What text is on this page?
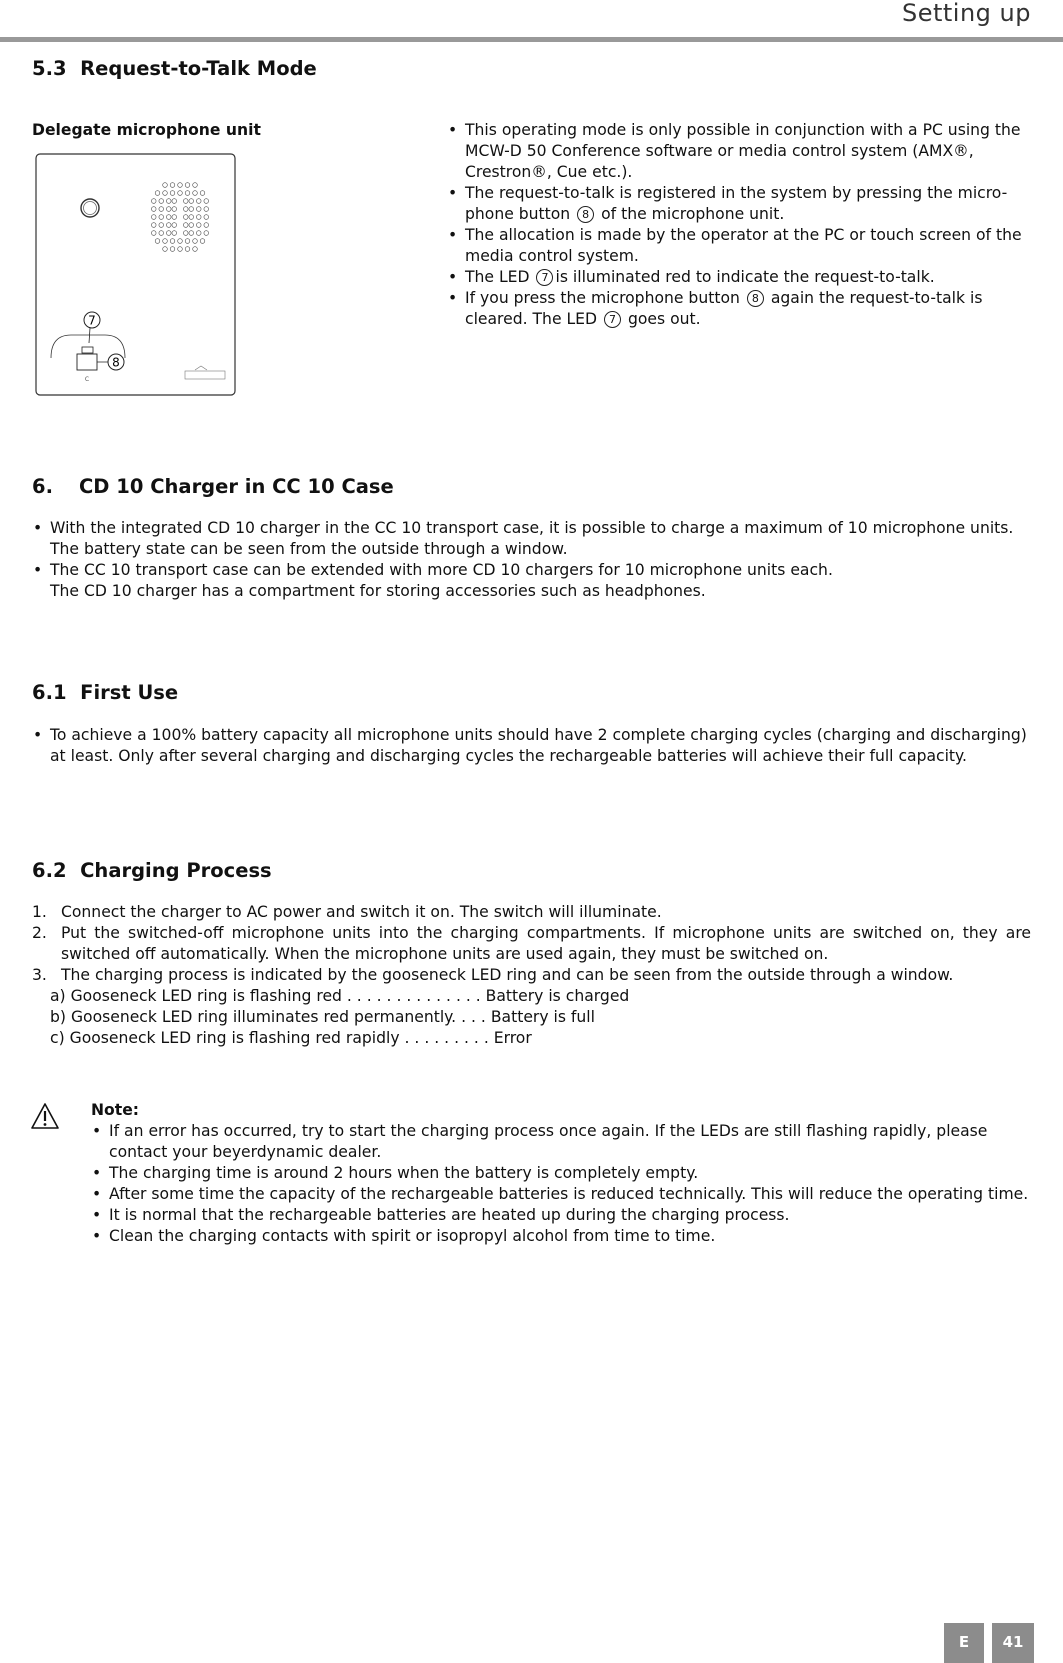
Setting up
5.3 Request-to-Talk Mode
Delegate microphone unit
7
8
C
• This operating mode is only possible in conjunction with a PC using the MCW-D 50 Conference software or media control system (AMX®, Crestron®, Cue etc.).
• The request-to-talk is registered in the system by pressing the micro-phone button 8 of the microphone unit.
• The allocation is made by the operator at the PC or touch screen of the media control system.
• The LED 7 is illuminated red to indicate the request-to-talk.
• If you press the microphone button 8 again the request-to-talk is cleared. The LED 7 goes out.
6. CD 10 Charger in CC 10 Case
• With the integrated CD 10 charger in the CC 10 transport case, it is possible to charge a maximum of 10 microphone units.
The battery state can be seen from the outside through a window.
• The CC 10 transport case can be extended with more CD 10 chargers for 10 microphone units each.
The CD 10 charger has a compartment for storing accessories such as headphones.
6.1 First Use
• To achieve a 100% battery capacity all microphone units should have 2 complete charging cycles (charging and discharging) at least. Only after several charging and discharging cycles the rechargeable batteries will achieve their full capacity.
6.2 Charging Process
1. Connect the charger to AC power and switch it on. The switch will illuminate.
2. Put the switched-off microphone units into the charging compartments. If microphone units are switched on, they are switched off automatically. When the microphone units are used again, they must be switched on.
3. The charging process is indicated by the gooseneck LED ring and can be seen from the outside through a window.
a) Gooseneck LED ring is flashing red . . . . . . . . . . . . . . Battery is charged
b) Gooseneck LED ring illuminates red permanently. . . . Battery is full
c) Gooseneck LED ring is flashing red rapidly . . . . . . . . . Error
Note:
• If an error has occurred, try to start the charging process once again. If the LEDs are still flashing rapidly, please contact your beyerdynamic dealer.
• The charging time is around 2 hours when the battery is completely empty.
• After some time the capacity of the rechargeable batteries is reduced technically. This will reduce the operating time.
• It is normal that the rechargeable batteries are heated up during the charging process.
• Clean the charging contacts with spirit or isopropyl alcohol from time to time.
E	41
